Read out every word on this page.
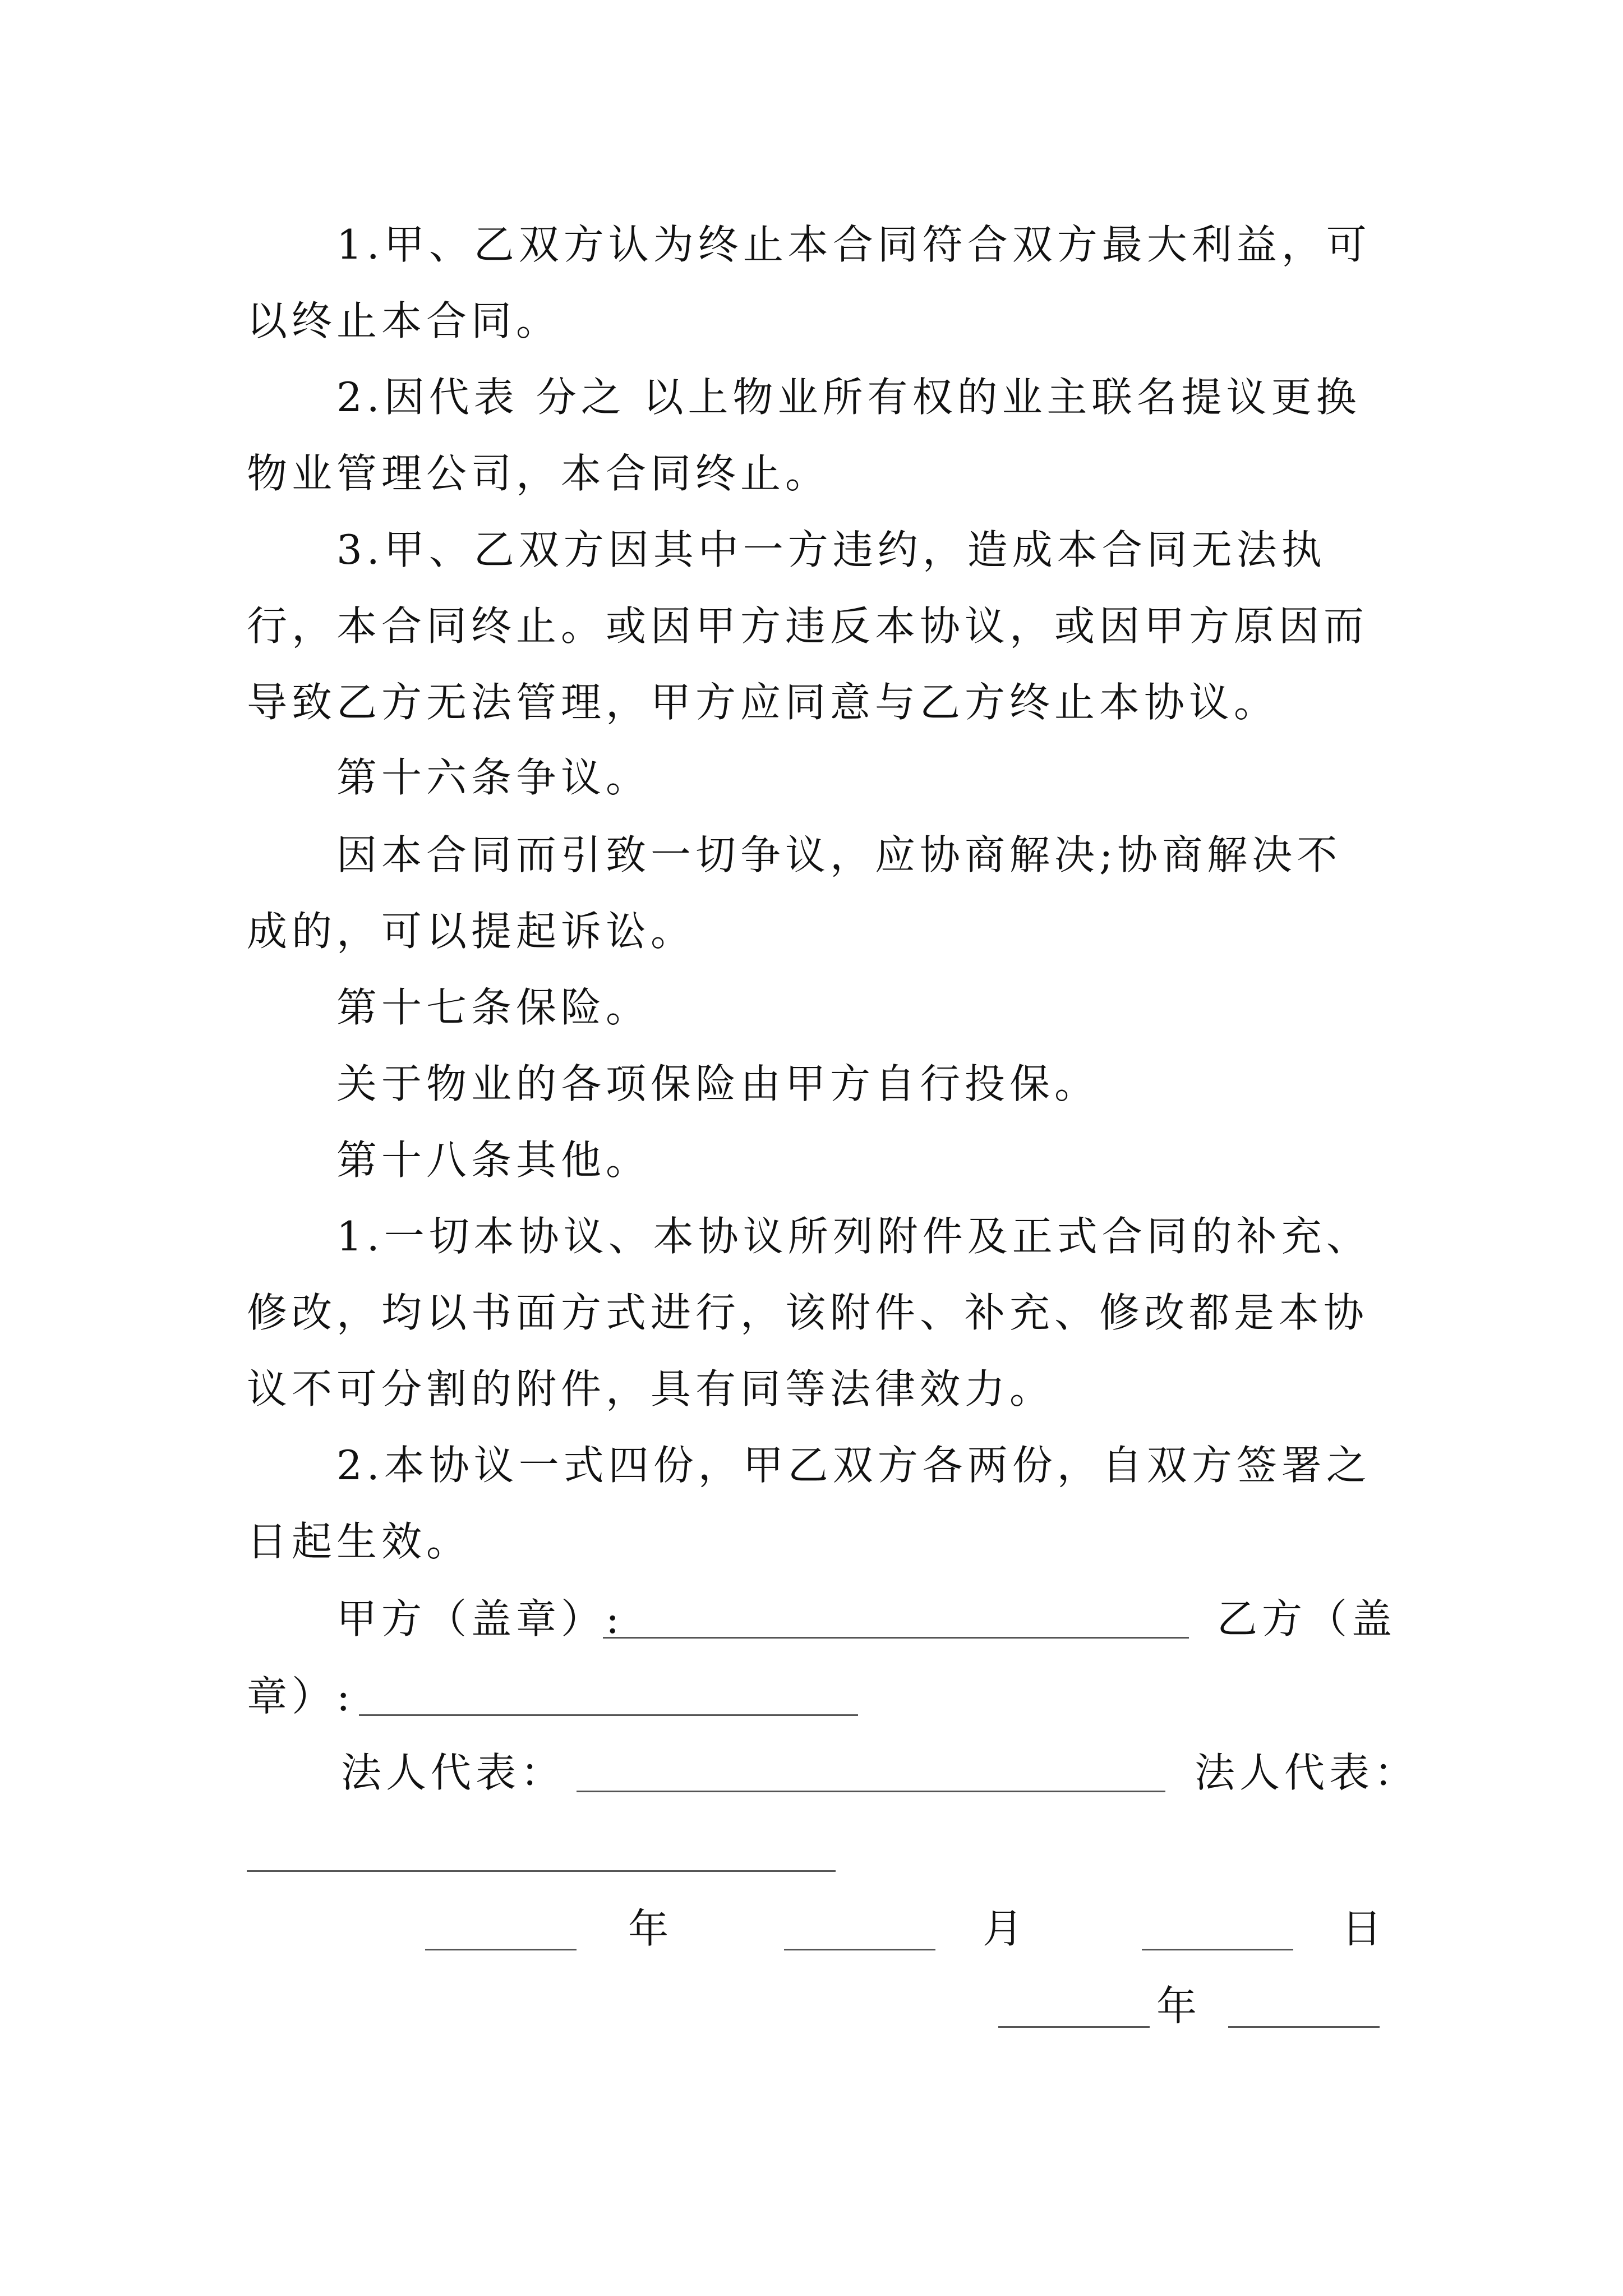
1.甲、乙双方认为终止本合同符合双方最大利益，可以终止本合同。

2.因代表 分之 以上物业所有权的业主联名提议更换物业管理公司，本合同终止。

3.甲、乙双方因其中一方违约，造成本合同无法执行，本合同终止。或因甲方违反本协议，或因甲方原因而导致乙方无法管理，甲方应同意与乙方终止本协议。

第十六条争议。

因本合同而引致一切争议，应协商解决;协商解决不成的，可以提起诉讼。

第十七条保险。

关于物业的各项保险由甲方自行投保。

第十八条其他。

1.一切本协议、本协议所列附件及正式合同的补充、修改，均以书面方式进行，该附件、补充、修改都是本协议不可分割的附件，具有同等法律效力。

2.本协议一式四份，甲乙双方各两份，自双方签署之日起生效。

甲方（盖章）:	乙方（盖
章）:
法人代表：	法人代表：
年	月	日
年
